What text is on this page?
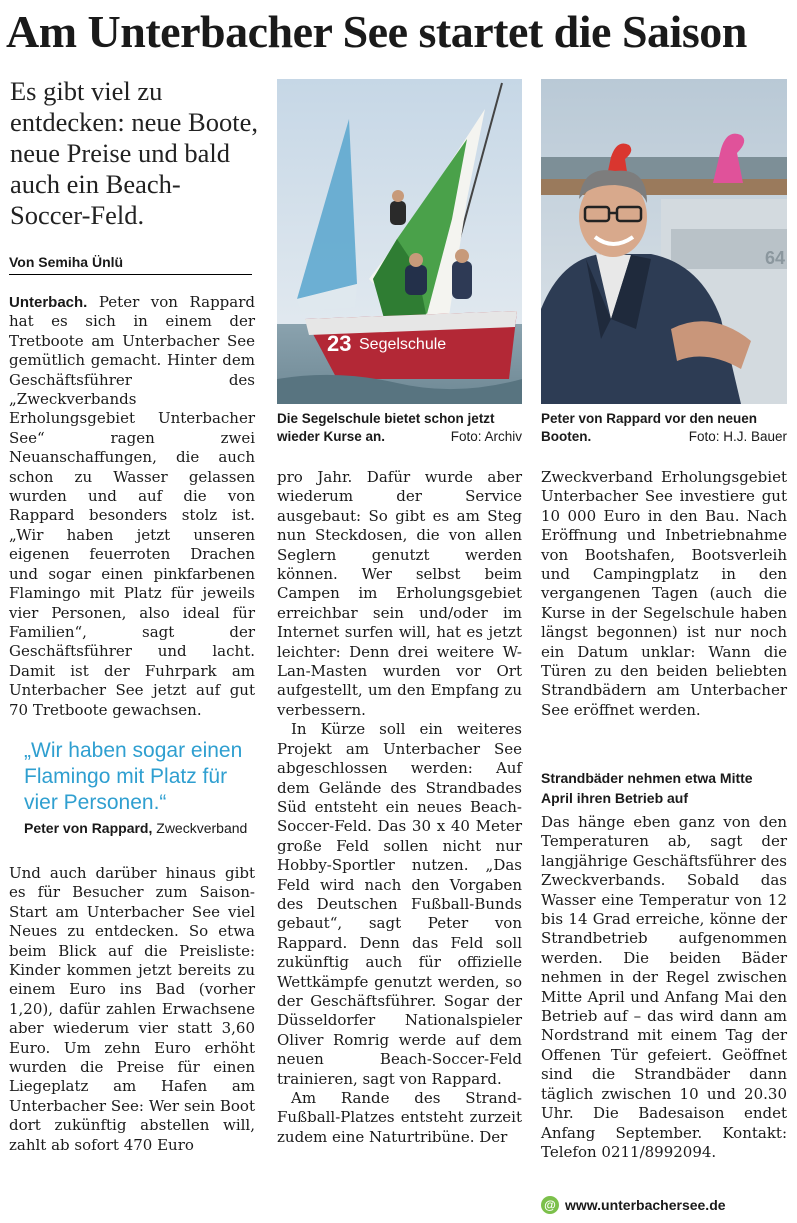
Am Unterbacher See startet die Saison
Es gibt viel zu entdecken: neue Boote, neue Preise und bald auch ein Beach-Soccer-Feld.
Von Semiha Ünlü

Unterbach. Peter von Rappard hat es sich in einem der Tretboote am Unterbacher See gemütlich gemacht. Hinter dem Geschäftsführer des „Zweckverbands Erholungsgebiet Unterbacher See“ ragen zwei Neuanschaffungen, die auch schon zu Wasser gelassen wurden und auf die von Rappard besonders stolz ist. „Wir haben jetzt unseren eigenen feuerroten Drachen und sogar einen pinkfarbenen Flamingo mit Platz für jeweils vier Personen, also ideal für Familien“, sagt der Geschäftsführer und lacht. Damit ist der Fuhrpark am Unterbacher See jetzt auf gut 70 Tretboote gewachsen.

„Wir haben sogar einen Flamingo mit Platz für vier Personen.“
Peter von Rappard, Zweckverband

Und auch darüber hinaus gibt es für Besucher zum Saison-Start am Unterbacher See viel Neues zu entdecken. So etwa beim Blick auf die Preisliste: Kinder kommen jetzt bereits zu einem Euro ins Bad (vorher 1,20), dafür zahlen Erwachsene aber wiederum vier statt 3,60 Euro. Um zehn Euro erhöht wurden die Preise für einen Liegeplatz am Hafen am Unterbacher See: Wer sein Boot dort zukünftig abstellen will, zahlt ab sofort 470 Euro

23 Segelschule
Die Segelschule bietet schon jetzt wieder Kurse an.	Foto: Archiv
64
Peter von Rappard vor den neuen Booten.	Foto: H.J. Bauer

pro Jahr. Dafür wurde aber wiederum der Service ausgebaut: So gibt es am Steg nun Steckdosen, die von allen Seglern genutzt werden können. Wer selbst beim Campen im Erholungsgebiet erreichbar sein und/oder im Internet surfen will, hat es jetzt leichter: Denn drei weitere W-Lan-Masten wurden vor Ort aufgestellt, um den Empfang zu verbessern.

In Kürze soll ein weiteres Projekt am Unterbacher See abgeschlossen werden: Auf dem Gelände des Strandbades Süd entsteht ein neues Beach-Soccer-Feld. Das 30 x 40 Meter große Feld sollen nicht nur Hobby-Sportler nutzen. „Das Feld wird nach den Vorgaben des Deutschen Fußball-Bunds gebaut“, sagt Peter von Rappard. Denn das Feld soll zukünftig auch für offizielle Wettkämpfe genutzt werden, so der Geschäftsführer. Sogar der Düsseldorfer Nationalspieler Oliver Romrig werde auf dem neuen Beach-Soccer-Feld trainieren, sagt von Rappard.

Am Rande des Strand-Fußball-Platzes entsteht zurzeit zudem eine Naturtribüne. Der

Zweckverband Erholungsgebiet Unterbacher See investiere gut 10 000 Euro in den Bau. Nach Eröffnung und Inbetriebnahme von Bootshafen, Bootsverleih und Campingplatz in den vergangenen Tagen (auch die Kurse in der Segelschule haben längst begonnen) ist nur noch ein Datum unklar: Wann die Türen zu den beiden beliebten Strandbädern am Unterbacher See eröffnet werden.

Strandbäder nehmen etwa Mitte April ihren Betrieb auf

Das hänge eben ganz von den Temperaturen ab, sagt der langjährige Geschäftsführer des Zweckverbands. Sobald das Wasser eine Temperatur von 12 bis 14 Grad erreiche, könne der Strandbetrieb aufgenommen werden. Die beiden Bäder nehmen in der Regel zwischen Mitte April und Anfang Mai den Betrieb auf – das wird dann am Nordstrand mit einem Tag der Offenen Tür gefeiert. Geöffnet sind die Strandbäder dann täglich zwischen 10 und 20.30 Uhr. Die Badesaison endet Anfang September. Kontakt: Telefon 0211/8992094.

@ www.unterbachersee.de
